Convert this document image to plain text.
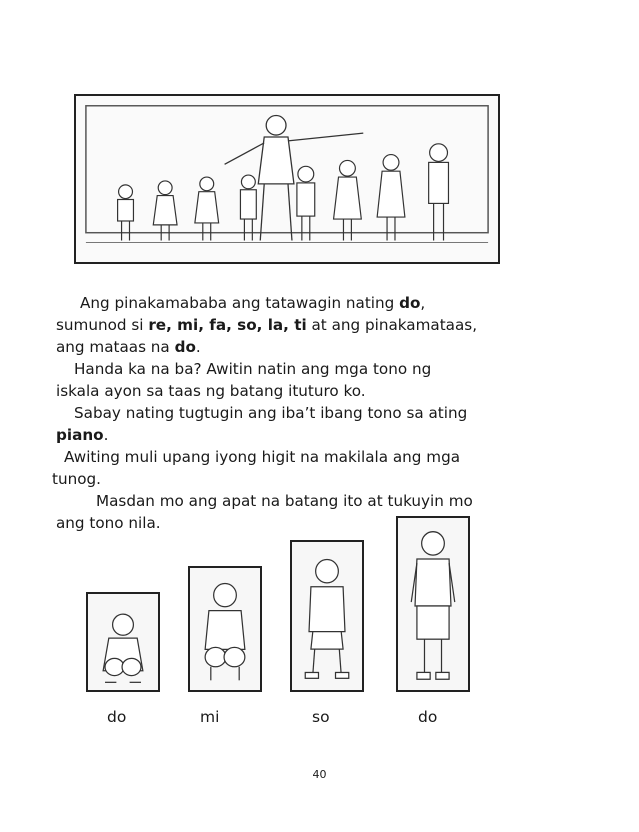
Ang pinakamababa ang tatawagin nating do,
sumunod si re, mi, fa, so, la, ti at ang pinakamataas,
ang mataas na do.
Handa ka na ba? Awitin natin ang mga tono ng
iskala ayon sa taas ng batang ituturo ko.
Sabay nating tugtugin ang iba’t ibang tono sa ating
piano.
Awiting muli upang iyong higit na makilala ang mga
tunog.
Masdan mo ang apat na batang ito at tukuyin mo
ang tono nila.
do	mi	so	do
40
